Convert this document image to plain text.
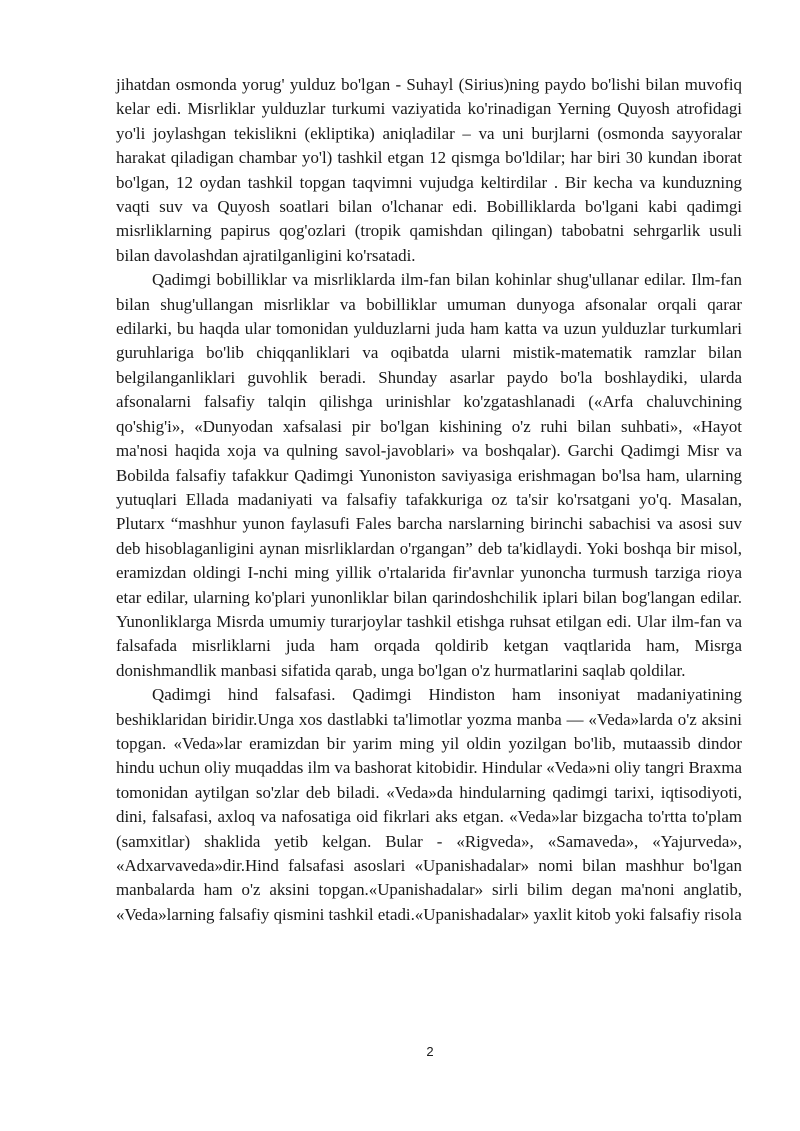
jihatdan osmonda yorug' yulduz bo'lgan - Suhayl (Sirius)ning paydo bo'lishi bilan muvofiq kelar edi. Misrliklar yulduzlar turkumi vaziyatida ko'rinadigan Yerning Quyosh atrofidagi yo'li joylashgan tekislikni (ekliptika) aniqladilar – va uni burjlarni (osmonda sayyoralar harakat qiladigan chambar yo'l) tashkil etgan 12 qismga bo'ldilar; har biri 30 kundan iborat bo'lgan, 12 oydan tashkil topgan taqvimni vujudga keltirdilar . Bir kecha va kunduzning vaqti suv va Quyosh soatlari bilan o'lchanar edi. Bobilliklarda bo'lgani kabi qadimgi misrliklarning papirus qog'ozlari (tropik qamishdan qilingan) tabobatni sehrgarlik usuli bilan davolashdan ajratilganligini ko'rsatadi.

Qadimgi bobilliklar va misrliklarda ilm-fan bilan kohinlar shug'ullanar edilar. Ilm-fan bilan shug'ullangan misrliklar va bobilliklar umuman dunyoga afsonalar orqali qarar edilarki, bu haqda ular tomonidan yulduzlarni juda ham katta va uzun yulduzlar turkumlari guruhlariga bo'lib chiqqanliklari va oqibatda ularni mistik-matematik ramzlar bilan belgilanganliklari guvohlik beradi. Shunday asarlar paydo bo'la boshlaydiki, ularda afsonalarni falsafiy talqin qilishga urinishlar ko'zgatashlanadi («Arfa chaluvchining qo'shig'i», «Dunyodan xafsalasi pir bo'lgan kishining o'z ruhi bilan suhbati», «Hayot ma'nosi haqida xoja va qulning savol-javoblari» va boshqalar). Garchi Qadimgi Misr va Bobilda falsafiy tafakkur Qadimgi Yunoniston saviyasiga erishmagan bo'lsa ham, ularning yutuqlari Ellada madaniyati va falsafiy tafakkuriga oz ta'sir ko'rsatgani yo'q. Masalan, Plutarx “mashhur yunon faylasufi Fales barcha narslarning birinchi sabachisi va asosi suv deb hisoblaganligini aynan misrliklardan o'rgangan” deb ta'kidlaydi. Yoki boshqa bir misol, eramizdan oldingi I-nchi ming yillik o'rtalarida fir'avnlar yunoncha turmush tarziga rioya etar edilar, ularning ko'plari yunonliklar bilan qarindoshchilik iplari bilan bog'langan edilar. Yunonliklarga Misrda umumiy turarjoylar tashkil etishga ruhsat etilgan edi. Ular ilm-fan va falsafada misrliklarni juda ham orqada qoldirib ketgan vaqtlarida ham, Misrga donishmandlik manbasi sifatida qarab, unga bo'lgan o'z hurmatlarini saqlab qoldilar.

Qadimgi hind falsafasi. Qadimgi Hindiston ham insoniyat madaniyatining beshiklaridan biridir.Unga xos dastlabki ta'limotlar yozma manba — «Veda»larda o'z aksini topgan. «Veda»lar eramizdan bir yarim ming yil oldin yozilgan bo'lib, mutaassib dindor hindu uchun oliy muqaddas ilm va bashorat kitobidir. Hindular «Veda»ni oliy tangri Braxma tomonidan aytilgan so'zlar deb biladi. «Veda»da hindularning qadimgi tarixi, iqtisodiyoti, dini, falsafasi, axloq va nafosatiga oid fikrlari aks etgan. «Veda»lar bizgacha to'rtta to'plam (samxitlar) shaklida yetib kelgan. Bular - «Rigveda», «Samaveda», «Yajurveda», «Adxarvaveda»dir.Hind falsafasi asoslari «Upanishadalar» nomi bilan mashhur bo'lgan manbalarda ham o'z aksini topgan.«Upanishadalar» sirli bilim degan ma'noni anglatib, «Veda»larning falsafiy qismini tashkil etadi.«Upanishadalar» yaxlit kitob yoki falsafiy risola

2
